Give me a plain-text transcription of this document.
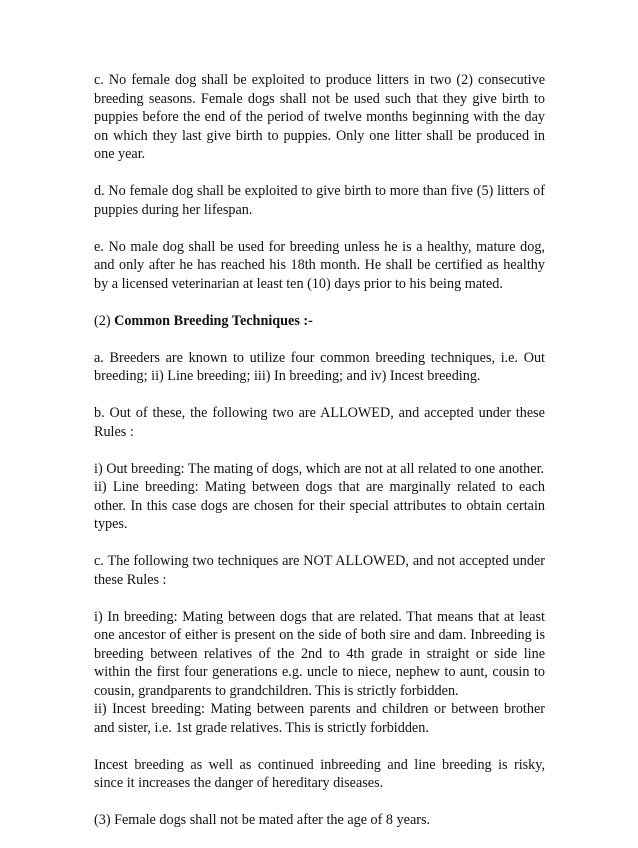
c. No female dog shall be exploited to produce litters in two (2) consecutive breeding seasons. Female dogs shall not be used such that they give birth to puppies before the end of the period of twelve months beginning with the day on which they last give birth to puppies. Only one litter shall be produced in one year.

d. No female dog shall be exploited to give birth to more than five (5) litters of puppies during her lifespan.

e. No male dog shall be used for breeding unless he is a healthy, mature dog, and only after he has reached his 18th month. He shall be certified as healthy by a licensed veterinarian at least ten (10) days prior to his being mated.

(2) Common Breeding Techniques :-

a. Breeders are known to utilize four common breeding techniques, i.e. Out breeding; ii) Line breeding; iii) In breeding; and iv) Incest breeding.

b. Out of these, the following two are ALLOWED, and accepted under these Rules :

i) Out breeding: The mating of dogs, which are not at all related to one another.

ii) Line breeding: Mating between dogs that are marginally related to each other. In this case dogs are chosen for their special attributes to obtain certain types.

c. The following two techniques are NOT ALLOWED, and not accepted under these Rules :

i) In breeding: Mating between dogs that are related. That means that at least one ancestor of either is present on the side of both sire and dam. Inbreeding is breeding between relatives of the 2nd to 4th grade in straight or side line within the first four generations e.g. uncle to niece, nephew to aunt, cousin to cousin, grandparents to grandchildren. This is strictly forbidden.

ii) Incest breeding: Mating between parents and children or between brother and sister, i.e. 1st grade relatives. This is strictly forbidden.

Incest breeding as well as continued inbreeding and line breeding is risky, since it increases the danger of hereditary diseases.

(3) Female dogs shall not be mated after the age of 8 years.
